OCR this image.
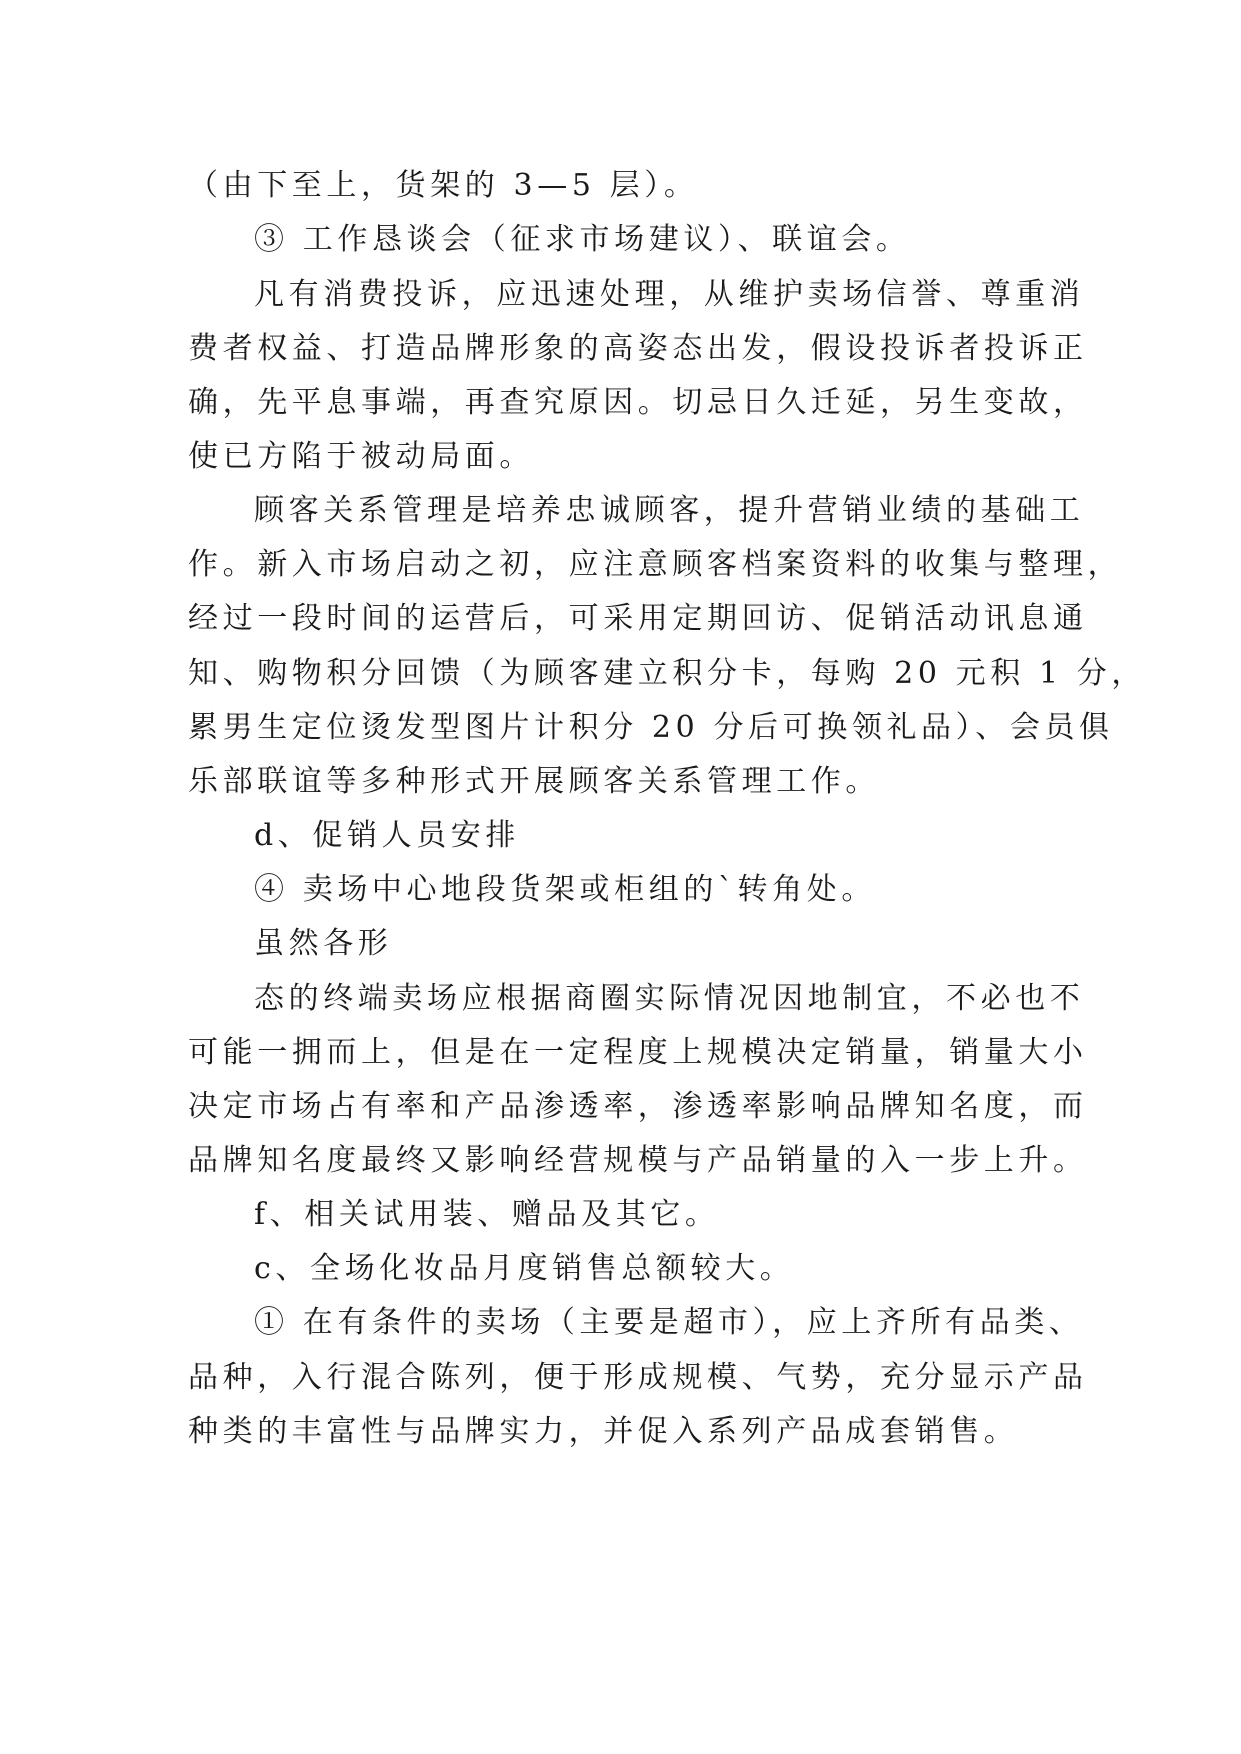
（由下至上，货架的 3—5 层）。
③ 工作恳谈会（征求市场建议）、联谊会。
凡有消费投诉，应迅速处理，从维护卖场信誉、尊重消
费者权益、打造品牌形象的高姿态出发，假设投诉者投诉正
确，先平息事端，再查究原因。切忌日久迁延，另生变故，
使已方陷于被动局面。
顾客关系管理是培养忠诚顾客，提升营销业绩的基础工
作。新入市场启动之初，应注意顾客档案资料的收集与整理，
经过一段时间的运营后，可采用定期回访、促销活动讯息通
知、购物积分回馈（为顾客建立积分卡，每购 20 元积 1 分，
累男生定位烫发型图片计积分 20 分后可换领礼品）、会员俱
乐部联谊等多种形式开展顾客关系管理工作。
d、促销人员安排
④ 卖场中心地段货架或柜组的`转角处。
虽然各形
态的终端卖场应根据商圈实际情况因地制宜，不必也不
可能一拥而上，但是在一定程度上规模决定销量，销量大小
决定市场占有率和产品渗透率，渗透率影响品牌知名度，而
品牌知名度最终又影响经营规模与产品销量的入一步上升。
f、相关试用装、赠品及其它。
c、全场化妆品月度销售总额较大。
① 在有条件的卖场（主要是超市），应上齐所有品类、
品种，入行混合陈列，便于形成规模、气势，充分显示产品
种类的丰富性与品牌实力，并促入系列产品成套销售。
